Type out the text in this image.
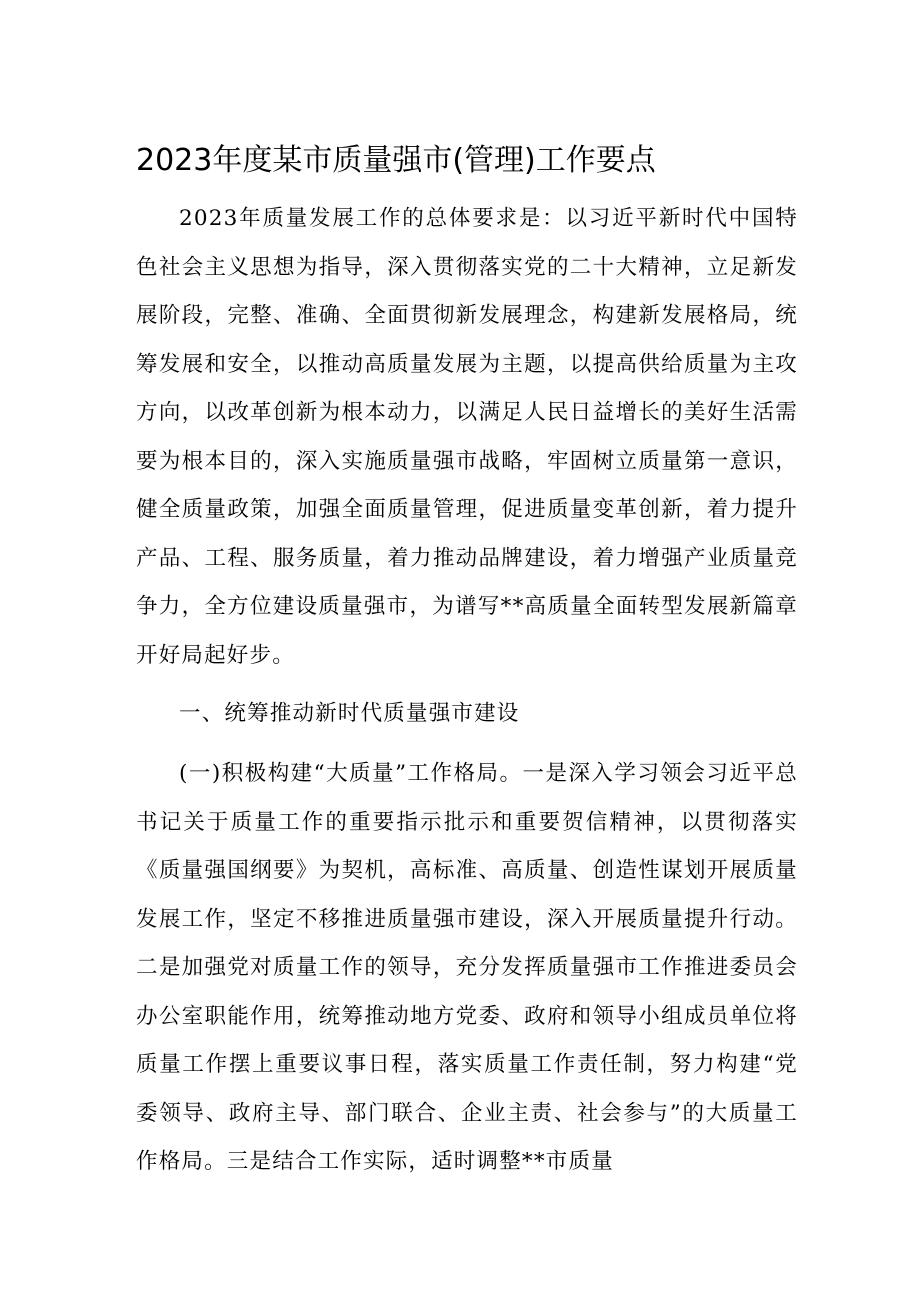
2023年度某市质量强市(管理)工作要点

2023年质量发展工作的总体要求是：以习近平新时代中国特色社会主义思想为指导，深入贯彻落实党的二十大精神，立足新发展阶段，完整、准确、全面贯彻新发展理念，构建新发展格局，统筹发展和安全，以推动高质量发展为主题，以提高供给质量为主攻方向，以改革创新为根本动力，以满足人民日益增长的美好生活需要为根本目的，深入实施质量强市战略，牢固树立质量第一意识，健全质量政策，加强全面质量管理，促进质量变革创新，着力提升产品、工程、服务质量，着力推动品牌建设，着力增强产业质量竞争力，全方位建设质量强市，为谱写**高质量全面转型发展新篇章开好局起好步。

一、统筹推动新时代质量强市建设

(一)积极构建“大质量”工作格局。一是深入学习领会习近平总书记关于质量工作的重要指示批示和重要贺信精神，以贯彻落实《质量强国纲要》为契机，高标准、高质量、创造性谋划开展质量发展工作，坚定不移推进质量强市建设，深入开展质量提升行动。二是加强党对质量工作的领导，充分发挥质量强市工作推进委员会办公室职能作用，统筹推动地方党委、政府和领导小组成员单位将质量工作摆上重要议事日程，落实质量工作责任制，努力构建“党委领导、政府主导、部门联合、企业主责、社会参与”的大质量工作格局。三是结合工作实际，适时调整**市质量
